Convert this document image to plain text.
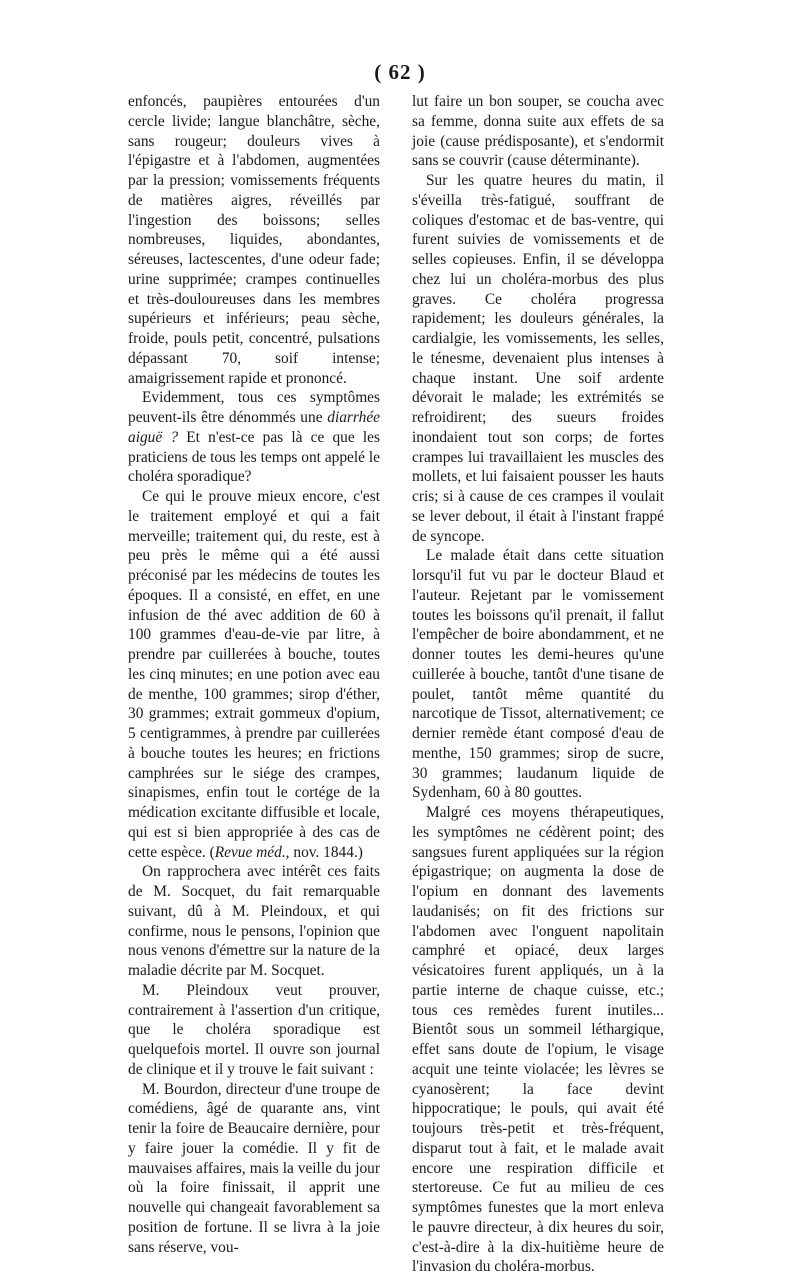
( 62 )

enfoncés, paupières entourées d'un cercle livide; langue blanchâtre, sèche, sans rougeur; douleurs vives à l'épigastre et à l'abdomen, augmentées par la pression; vomissements fréquents de matières aigres, réveillés par l'ingestion des boissons; selles nombreuses, liquides, abondantes, séreuses, lactescentes, d'une odeur fade; urine supprimée; crampes continuelles et très-douloureuses dans les membres supérieurs et inférieurs; peau sèche, froide, pouls petit, concentré, pulsations dépassant 70, soif intense; amaigrissement rapide et prononcé.

Evidemment, tous ces symptômes peuvent-ils être dénommés une diarrhée aiguë ? Et n'est-ce pas là ce que les praticiens de tous les temps ont appelé le choléra sporadique?

Ce qui le prouve mieux encore, c'est le traitement employé et qui a fait merveille; traitement qui, du reste, est à peu près le même qui a été aussi préconisé par les médecins de toutes les époques. Il a consisté, en effet, en une infusion de thé avec addition de 60 à 100 grammes d'eau-de-vie par litre, à prendre par cuillerées à bouche, toutes les cinq minutes; en une potion avec eau de menthe, 100 grammes; sirop d'éther, 30 grammes; extrait gommeux d'opium, 5 centigrammes, à prendre par cuillerées à bouche toutes les heures; en frictions camphrées sur le siége des crampes, sinapismes, enfin tout le cortége de la médication excitante diffusible et locale, qui est si bien appropriée à des cas de cette espèce. (Revue méd., nov. 1844.)

On rapprochera avec intérêt ces faits de M. Socquet, du fait remarquable suivant, dû à M. Pleindoux, et qui confirme, nous le pensons, l'opinion que nous venons d'émettre sur la nature de la maladie décrite par M. Socquet.

M. Pleindoux veut prouver, contrairement à l'assertion d'un critique, que le choléra sporadique est quelquefois mortel. Il ouvre son journal de clinique et il y trouve le fait suivant :

M. Bourdon, directeur d'une troupe de comédiens, âgé de quarante ans, vint tenir la foire de Beaucaire dernière, pour y faire jouer la comédie. Il y fit de mauvaises affaires, mais la veille du jour où la foire finissait, il apprit une nouvelle qui changeait favorablement sa position de fortune. Il se livra à la joie sans réserve, vou-

lut faire un bon souper, se coucha avec sa femme, donna suite aux effets de sa joie (cause prédisposante), et s'endormit sans se couvrir (cause déterminante).

Sur les quatre heures du matin, il s'éveilla très-fatigué, souffrant de coliques d'estomac et de bas-ventre, qui furent suivies de vomissements et de selles copieuses. Enfin, il se développa chez lui un choléra-morbus des plus graves. Ce choléra progressa rapidement; les douleurs générales, la cardialgie, les vomissements, les selles, le ténesme, devenaient plus intenses à chaque instant. Une soif ardente dévorait le malade; les extrémités se refroidirent; des sueurs froides inondaient tout son corps; de fortes crampes lui travaillaient les muscles des mollets, et lui faisaient pousser les hauts cris; si à cause de ces crampes il voulait se lever debout, il était à l'instant frappé de syncope.

Le malade était dans cette situation lorsqu'il fut vu par le docteur Blaud et l'auteur. Rejetant par le vomissement toutes les boissons qu'il prenait, il fallut l'empêcher de boire abondamment, et ne donner toutes les demi-heures qu'une cuillerée à bouche, tantôt d'une tisane de poulet, tantôt même quantité du narcotique de Tissot, alternativement; ce dernier remède étant composé d'eau de menthe, 150 grammes; sirop de sucre, 30 grammes; laudanum liquide de Sydenham, 60 à 80 gouttes.

Malgré ces moyens thérapeutiques, les symptômes ne cédèrent point; des sangsues furent appliquées sur la région épigastrique; on augmenta la dose de l'opium en donnant des lavements laudanisés; on fit des frictions sur l'abdomen avec l'onguent napolitain camphré et opiacé, deux larges vésicatoires furent appliqués, un à la partie interne de chaque cuisse, etc.; tous ces remèdes furent inutiles... Bientôt sous un sommeil léthargique, effet sans doute de l'opium, le visage acquit une teinte violacée; les lèvres se cyanosèrent; la face devint hippocratique; le pouls, qui avait été toujours très-petit et très-fréquent, disparut tout à fait, et le malade avait encore une respiration difficile et stertoreuse. Ce fut au milieu de ces symptômes funestes que la mort enleva le pauvre directeur, à dix heures du soir, c'est-à-dire à la dix-huitième heure de l'invasion du choléra-morbus.
